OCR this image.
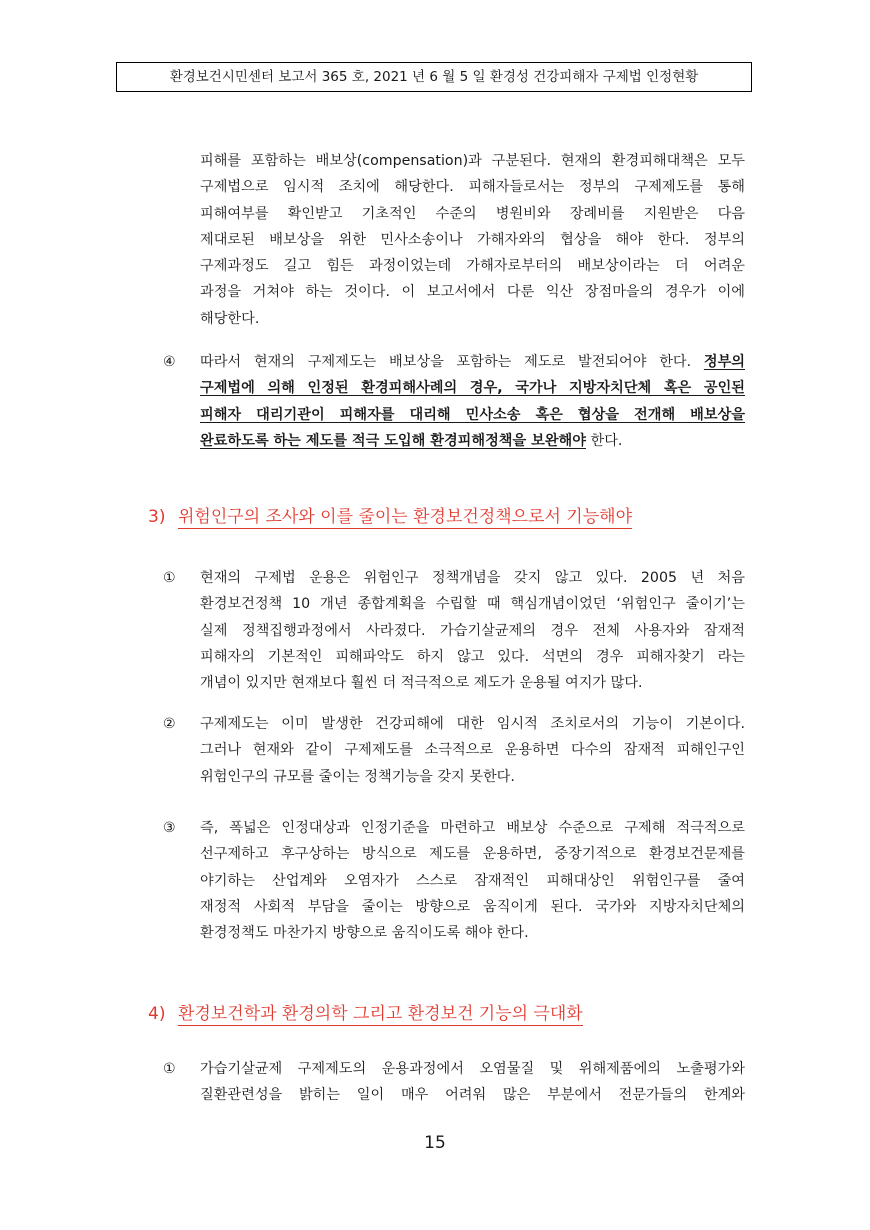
환경보건시민센터 보고서 365 호, 2021 년 6 월 5 일 환경성 건강피해자 구제법 인정현황
피해를 포함하는 배보상(compensation)과 구분된다. 현재의 환경피해대책은 모두
구제법으로 임시적 조치에 해당한다. 피해자들로서는 정부의 구제제도를 통해
피해여부를 확인받고 기초적인 수준의 병원비와 장례비를 지원받은 다음
제대로된 배보상을 위한 민사소송이나 가해자와의 협상을 해야 한다. 정부의
구제과정도 길고 힘든 과정이었는데 가해자로부터의 배보상이라는 더 어려운
과정을 거쳐야 하는 것이다. 이 보고서에서 다룬 익산 장점마을의 경우가 이에
해당한다.
④ 따라서 현재의 구제제도는 배보상을 포함하는 제도로 발전되어야 한다. 정부의
구제법에 의해 인정된 환경피해사례의 경우, 국가나 지방자치단체 혹은 공인된
피해자 대리기관이 피해자를 대리해 민사소송 혹은 협상을 전개해 배보상을
완료하도록 하는 제도를 적극 도입해 환경피해정책을 보완해야 한다.
3) 위험인구의 조사와 이를 줄이는 환경보건정책으로서 기능해야
① 현재의 구제법 운용은 위험인구 정책개념을 갖지 않고 있다. 2005 년 처음
환경보건정책 10 개년 종합계획을 수립할 때 핵심개념이었던 ‘위험인구 줄이기’는
실제 정책집행과정에서 사라졌다. 가습기살균제의 경우 전체 사용자와 잠재적
피해자의 기본적인 피해파악도 하지 않고 있다. 석면의 경우 피해자찾기 라는
개념이 있지만 현재보다 훨씬 더 적극적으로 제도가 운용될 여지가 많다.
② 구제제도는 이미 발생한 건강피해에 대한 임시적 조치로서의 기능이 기본이다.
그러나 현재와 같이 구제제도를 소극적으로 운용하면 다수의 잠재적 피해인구인
위험인구의 규모를 줄이는 정책기능을 갖지 못한다.
③ 즉, 폭넓은 인정대상과 인정기준을 마련하고 배보상 수준으로 구제해 적극적으로
선구제하고 후구상하는 방식으로 제도를 운용하면, 중장기적으로 환경보건문제를
야기하는 산업계와 오염자가 스스로 잠재적인 피해대상인 위험인구를 줄여
재정적 사회적 부담을 줄이는 방향으로 움직이게 된다. 국가와 지방자치단체의
환경정책도 마찬가지 방향으로 움직이도록 해야 한다.
4) 환경보건학과 환경의학 그리고 환경보건 기능의 극대화
① 가습기살균제 구제제도의 운용과정에서 오염물질 및 위해제품에의 노출평가와
질환관련성을 밝히는 일이 매우 어려워 많은 부분에서 전문가들의 한계와
15
